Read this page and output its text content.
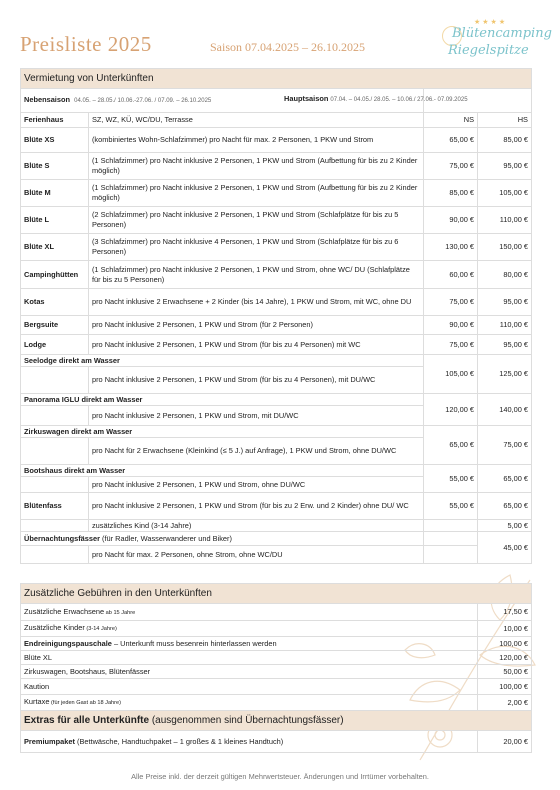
Preisliste 2025	Saison 07.04.2025 – 26.10.2025
★★★★
Blütencamping
Riegelspitze
Vermietung von Unterkünften			
Nebensaison 04.05. – 28.05./ 10.06.-27.06. / 07.09. – 26.10.2025			
Ferienhaus	SZ, WZ, KÜ, WC/DU, Terrasse	NS	HS
Blüte XS	(kombiniertes Wohn-Schlafzimmer) pro Nacht für max. 2 Personen, 1 PKW und Strom	65,00 €	85,00 €
Blüte S	(1 Schlafzimmer) pro Nacht inklusive 2 Personen, 1 PKW und Strom (Aufbettung für bis zu 2 Kinder möglich)	75,00 €	95,00 €
Blüte M	(1 Schlafzimmer) pro Nacht inklusive 2 Personen, 1 PKW und Strom (Aufbettung für bis zu 2 Kinder möglich)	85,00 €	105,00 €
Blüte L	(2 Schlafzimmer) pro Nacht inklusive 2 Personen, 1 PKW und Strom (Schlafplätze für bis zu 5 Personen)	90,00 €	110,00 €
Blüte XL	(3 Schlafzimmer) pro Nacht inklusive 4 Personen, 1 PKW und Strom (Schlafplätze für bis zu 6 Personen)	130,00 €	150,00 €
Campinghütten	(1 Schlafzimmer) pro Nacht inklusive 2 Personen, 1 PKW und Strom, ohne WC/ DU (Schlafplätze für bis zu 5 Personen)	60,00 €	80,00 €
Kotas	pro Nacht inklusive 2 Erwachsene + 2 Kinder (bis 14 Jahre), 1 PKW und Strom, mit WC, ohne DU	75,00 €	95,00 €
Bergsuite	pro Nacht inklusive 2 Personen, 1 PKW und Strom (für 2 Personen)	90,00 €	110,00 €
Lodge	pro Nacht inklusive 2 Personen, 1 PKW und Strom (für bis zu 4 Personen) mit WC	75,00 €	95,00 €
Seelodge direkt am Wasser		105,00 €	125,00 €
	pro Nacht inklusive 2 Personen, 1 PKW und Strom (für bis zu 4 Personen), mit DU/WC		
Panorama IGLU direkt am Wasser		120,00 €	140,00 €
	pro Nacht inklusive 2 Personen, 1 PKW und Strom, mit DU/WC		
Zirkuswagen direkt am Wasser		65,00 €	75,00 €
	pro Nacht für 2 Erwachsene (Kleinkind (≤ 5 J.) auf Anfrage), 1 PKW und Strom, ohne DU/WC		
Bootshaus direkt am Wasser		55,00 €	65,00 €
	pro Nacht inklusive 2 Personen, 1 PKW und Strom, ohne DU/WC		
Blütenfass	pro Nacht inklusive 2 Personen, 1 PKW und Strom (für bis zu 2 Erw. und 2 Kinder) ohne DU/ WC	55,00 €	65,00 €
	zusätzliches Kind (3-14 Jahre)		5,00 €
Übernachtungsfässer (für Radler, Wasserwanderer und Biker)			45,00 €
	pro Nacht für max. 2 Personen, ohne Strom, ohne WC/DU		
Zusätzliche Gebühren in den Unterkünften	
Zusätzliche Erwachsene ab 15 Jahre	17,50 €
Zusätzliche Kinder (3-14 Jahre)	10,00 €
Endreinigungspauschale – Unterkunft muss besenrein hinterlassen werden	100,00 €
Blüte XL	120,00 €
Zirkuswagen, Bootshaus, Blütenfässer	50,00 €
Kaution	100,00 €
Kurtaxe (für jeden Gast ab 18 Jahre)	2,00 €
Extras für alle Unterkünfte (ausgenommen sind Übernachtungsfässer)	
Premiumpaket (Bettwäsche, Handtuchpaket – 1 großes & 1 kleines Handtuch)	20,00 €
Alle Preise inkl. der derzeit gültigen Mehrwertsteuer. Änderungen und Irrtümer vorbehalten.
Hauptsaison 07.04. – 04.05./ 28.05. – 10.06./ 27.06.- 07.09.2025
